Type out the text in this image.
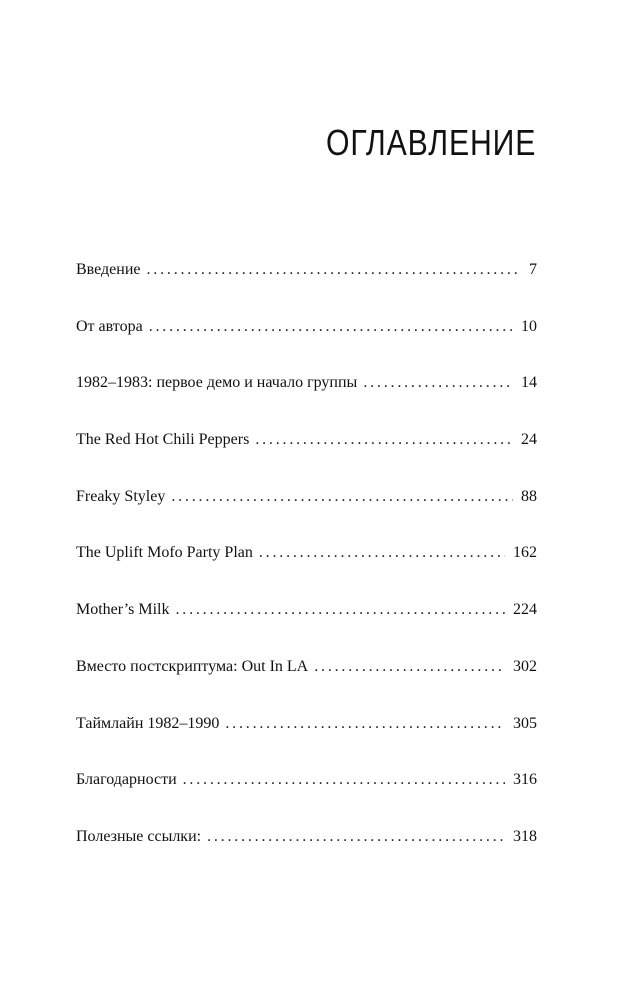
ОГЛАВЛЕНИЕ
Введение . . .	7
От автора . . .	10
1982–1983: первое демо и начало группы . . .	14
The Red Hot Chili Peppers . . .	24
Freaky Styley . . .	88
The Uplift Mofo Party Plan . . .	162
Mother’s Milk . . .	224
Вместо постскриптума: Out In LA . . .	302
Таймлайн 1982–1990 . . .	305
Благодарности . . .	316
Полезные ссылки: . . .	318
